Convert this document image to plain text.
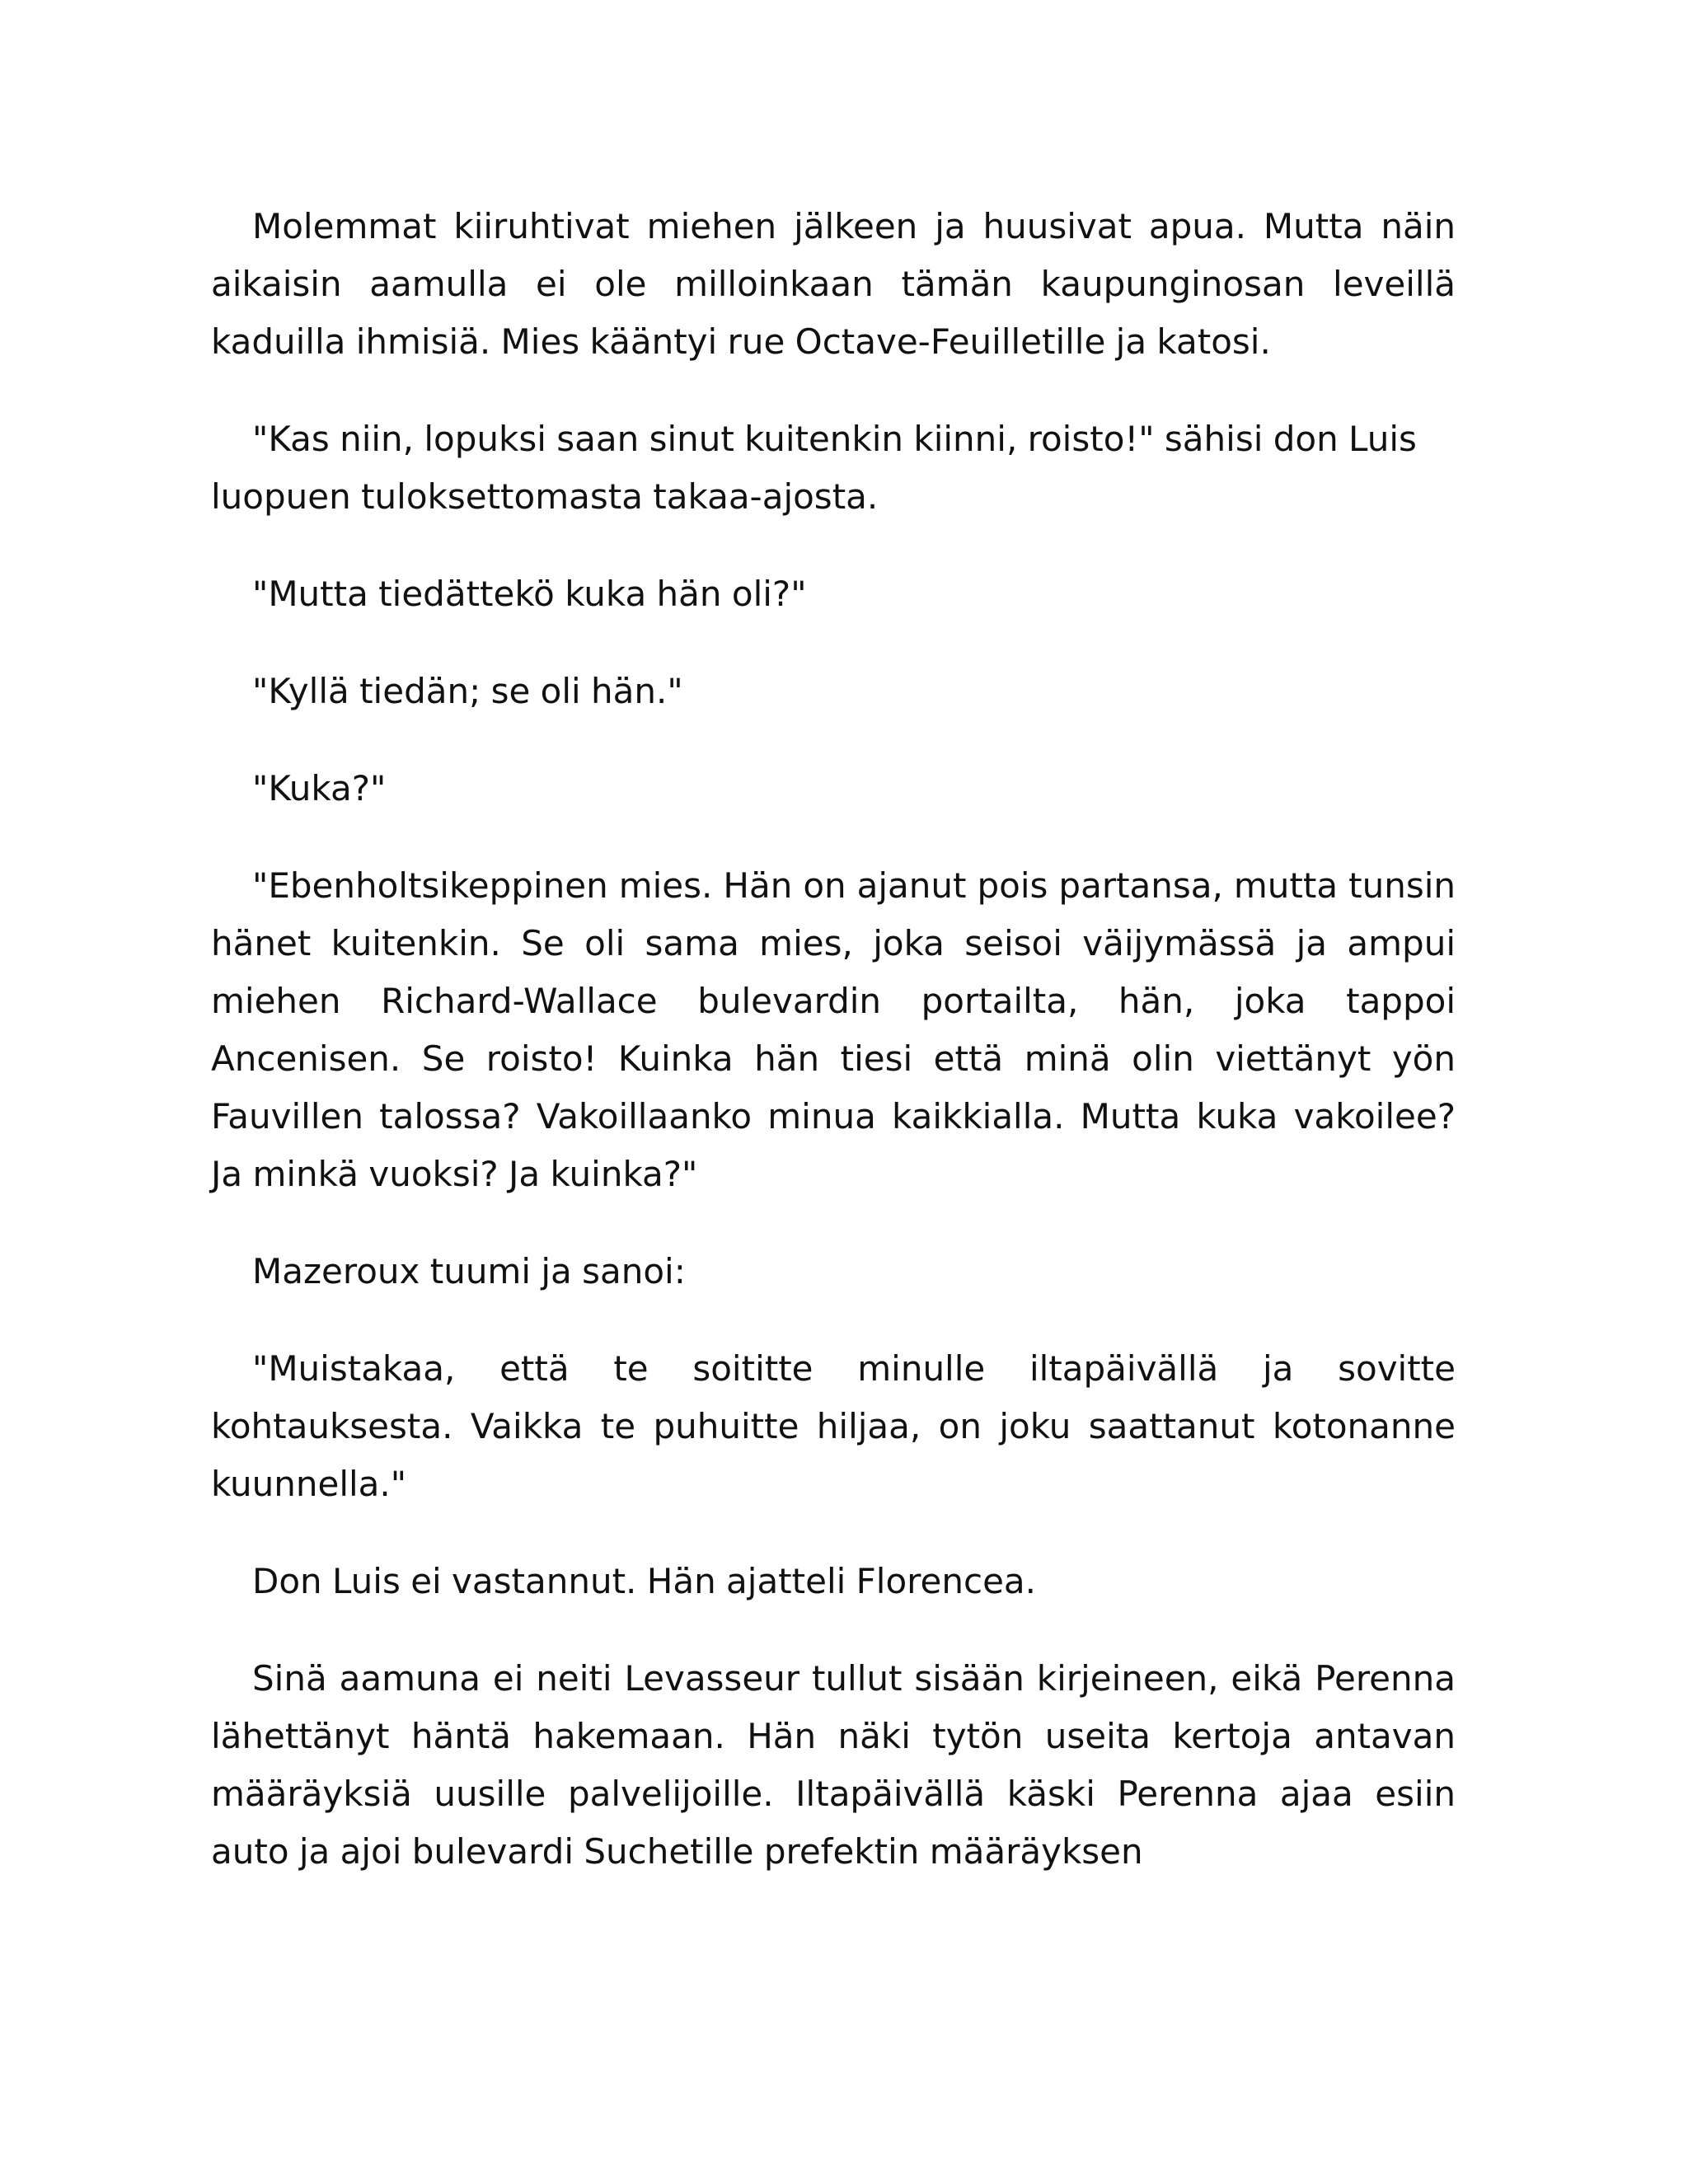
Molemmat kiiruhtivat miehen jälkeen ja huusivat apua. Mutta näin aikaisin aamulla ei ole milloinkaan tämän kaupunginosan leveillä kaduilla ihmisiä. Mies kääntyi rue Octave-Feuilletille ja katosi.

"Kas niin, lopuksi saan sinut kuitenkin kiinni, roisto!" sähisi don Luis luopuen tuloksettomasta takaa-ajosta.

"Mutta tiedättekö kuka hän oli?"

"Kyllä tiedän; se oli hän."

"Kuka?"

"Ebenholtsikeppinen mies. Hän on ajanut pois partansa, mutta tunsin hänet kuitenkin. Se oli sama mies, joka seisoi väijymässä ja ampui miehen Richard-Wallace bulevardin portailta, hän, joka tappoi Ancenisen. Se roisto! Kuinka hän tiesi että minä olin viettänyt yön Fauvillen talossa? Vakoillaanko minua kaikkialla. Mutta kuka vakoilee? Ja minkä vuoksi? Ja kuinka?"

Mazeroux tuumi ja sanoi:

"Muistakaa, että te soititte minulle iltapäivällä ja sovitte kohtauksesta. Vaikka te puhuitte hiljaa, on joku saattanut kotonanne kuunnella."

Don Luis ei vastannut. Hän ajatteli Florencea.

Sinä aamuna ei neiti Levasseur tullut sisään kirjeineen, eikä Perenna lähettänyt häntä hakemaan. Hän näki tytön useita kertoja antavan määräyksiä uusille palvelijoille. Iltapäivällä käski Perenna ajaa esiin auto ja ajoi bulevardi Suchetille prefektin määräyksen
